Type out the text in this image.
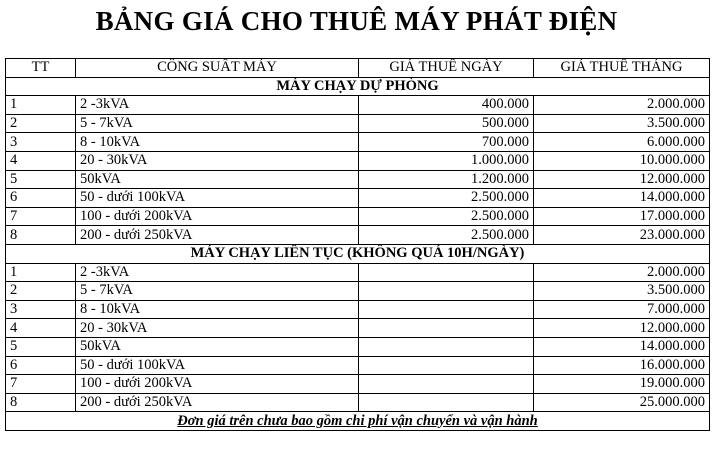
BẢNG GIÁ CHO THUÊ MÁY PHÁT ĐIỆN
TT	CÔNG SUẤT MÁY	GIÁ THUÊ NGÀY	GIÁ THUÊ THÁNG
MÁY CHẠY DỰ PHÒNG			
1	2 -3kVA	400.000	2.000.000
2	5 - 7kVA	500.000	3.500.000
3	8 - 10kVA	700.000	6.000.000
4	20 - 30kVA	1.000.000	10.000.000
5	50kVA	1.200.000	12.000.000
6	50 - dưới 100kVA	2.500.000	14.000.000
7	100 - dưới 200kVA	2.500.000	17.000.000
8	200 - dưới 250kVA	2.500.000	23.000.000
MÁY CHẠY LIÊN TỤC (KHÔNG QUÁ 10H/NGÀY)			
1	2 -3kVA		2.000.000
2	5 - 7kVA		3.500.000
3	8 - 10kVA		7.000.000
4	20 - 30kVA		12.000.000
5	50kVA		14.000.000
6	50 - dưới 100kVA		16.000.000
7	100 - dưới 200kVA		19.000.000
8	200 - dưới 250kVA		25.000.000
Đơn giá trên chưa bao gồm chi phí vận chuyển và vận hành			
